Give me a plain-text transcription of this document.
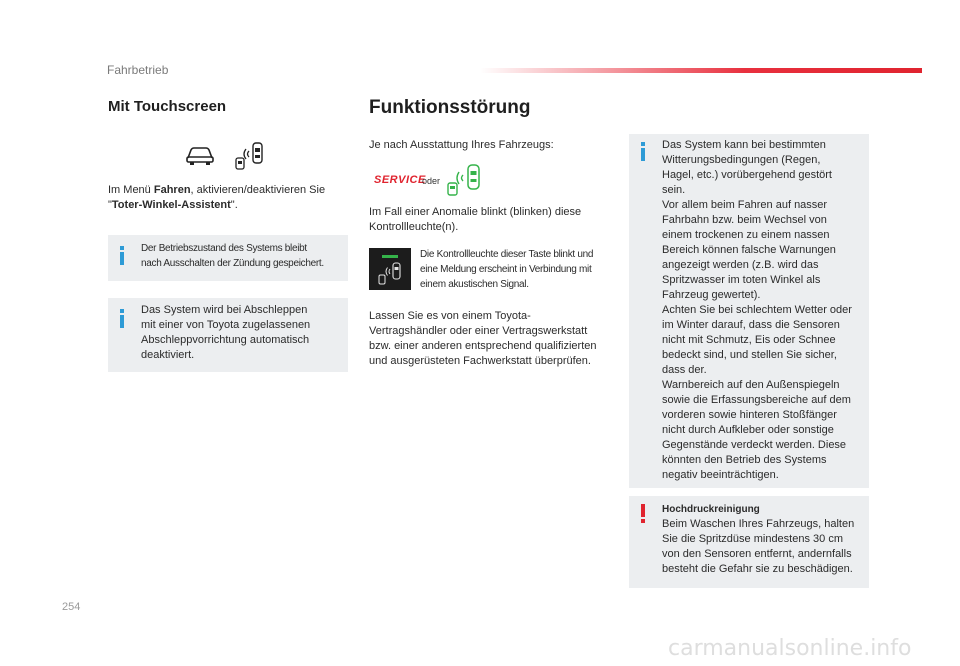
Fahrbetrieb
Mit Touchscreen
Im Menü Fahren, aktivieren/deaktivieren Sie
"Toter-Winkel-Assistent".
Der Betriebszustand des Systems bleibt
nach Ausschalten der Zündung gespeichert.
Das System wird bei Abschleppen
mit einer von Toyota zugelassenen
Abschleppvorrichtung automatisch
deaktiviert.
Funktionsstörung
Je nach Ausstattung Ihres Fahrzeugs:
SERVICE
oder
Im Fall einer Anomalie blinkt (blinken) diese
Kontrollleuchte(n).
Die Kontrollleuchte dieser Taste blinkt und
eine Meldung erscheint in Verbindung mit
einem akustischen Signal.
Lassen Sie es von einem Toyota-
Vertragshändler oder einer Vertragswerkstatt
bzw. einer anderen entsprechend qualifizierten
und ausgerüsteten Fachwerkstatt überprüfen.
Das System kann bei bestimmten
Witterungsbedingungen (Regen,
Hagel, etc.) vorübergehend gestört
sein.
Vor allem beim Fahren auf nasser
Fahrbahn bzw. beim Wechsel von
einem trockenen zu einem nassen
Bereich können falsche Warnungen
angezeigt werden (z.B. wird das
Spritzwasser im toten Winkel als
Fahrzeug gewertet).
Achten Sie bei schlechtem Wetter oder
im Winter darauf, dass die Sensoren
nicht mit Schmutz, Eis oder Schnee
bedeckt sind, und stellen Sie sicher,
dass der.
Warnbereich auf den Außenspiegeln
sowie die Erfassungsbereiche auf dem
vorderen sowie hinteren Stoßfänger
nicht durch Aufkleber oder sonstige
Gegenstände verdeckt werden. Diese
könnten den Betrieb des Systems
negativ beeinträchtigen.
Hochdruckreinigung
Beim Waschen Ihres Fahrzeugs, halten
Sie die Spritzdüse mindestens 30 cm
von den Sensoren entfernt, andernfalls
besteht die Gefahr sie zu beschädigen.
254
carmanualsonline.info
